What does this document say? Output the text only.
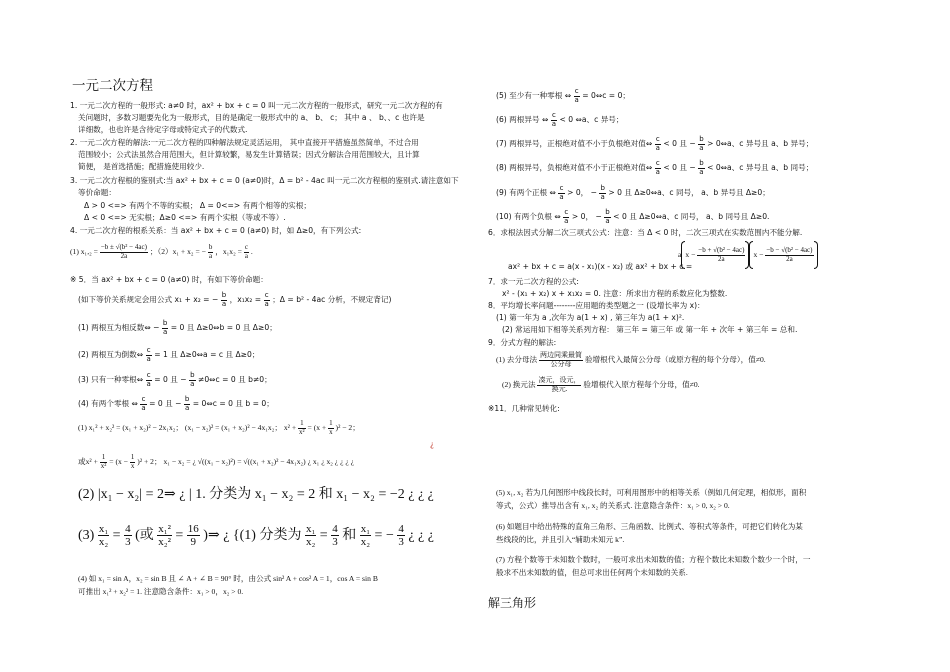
一元二次方程
1. 一元二次方程的一般形式: a≠0 时，ax² + bx + c = 0 叫一元二次方程的一般形式，研究一元二次方程的有
关问题时，多数习题要先化为一般形式，目的是确定一般形式中的 a、 b、 c； 其中 a 、 b、、c 也许是
详细数，也也许是含待定字母或特定式子的代数式.
2. 一元二次方程的解法:一元二次方程的四种解法规定灵活运用， 其中直接开平措施虽然简单，不过合用
范围较小；公式法虽然合用范围大，但计算较繁，易发生计算错误；因式分解法合用范围较大，且计算
简便， 是首选措施；配措施使用较少.
3. 一元二次方程根的鉴别式:当 ax² + bx + c = 0 (a≠0)时，Δ = b² - 4ac 叫一元二次方程根的鉴别式.请注意如下
等价命题：
Δ > 0 <=> 有两个不等的实根； Δ = 0<=> 有两个相等的实根；
Δ < 0 <=> 无实根；Δ≥0 <=> 有两个实根（等或不等）.
4. 一元二次方程的根系关系：当 ax² + bx + c = 0 (a≠0) 时，如 Δ≥0，有下列公式:
(1) $x_1,_2 = \frac{\text{−b ± √(b² − 4ac)}}{2a}$ ；（2）x₁ + x₂ = − $\frac{b}{a}$ ，$x_1x_2 = \frac{c}{a}$ .
※ 5．当 ax² + bx + c = 0 (a≠0) 时，有如下等价命题：
(如下等价关系规定会用公式 x₁ + x₂ = − $\frac{b}{a}$ ，$x_1x_2 = \frac{c}{a}$ ；Δ = b² - 4ac 分析，不规定背记)
(1) 两根互为相反数⇔ − $\frac{b}{a} = 0$ 且 Δ≥0⇔b = 0 且 Δ≥0；
(2) 两根互为倒数⇔ $\frac{c}{a} = 1$ 且 Δ≥0⇔a = c 且 Δ≥0；
(3) 只有一种零根⇔ $\frac{c}{a} = 0$ 且 − $\frac{b}{a}$ ≠0⇔c = 0 且 b≠0；
(4) 有两个零根 ⇔ $\frac{c}{a} = 0$ 且 − $\frac{b}{a}$ = 0⇔c = 0 且 b = 0；
(1) x₁² + x₂² = (x₁ + x₂)² − 2x₁x₂； (x₁ − x₂)² = (x₁ + x₂)² − 4x₁x₂； $x^2 + \frac{1}{\text{x²}} = (x + \frac{1}{x} )^2 - 2$；
¿
或$x^2 + \frac{1}{\text{x²}} = (x - \frac{1}{x} )^2 + 2$； x₁ − x₂ = ¿ √((x₁ − x₂)²) = √((x₁ + x₂)² − 4x₁x₂) ¿ x₁ ¿ x₂ ¿ ¿ ¿ ¿
(2) |x₁ − x₂| = 2⇒ ¿ | 1. 分类为 x₁ − x₂ = 2 和 x₁ − x₂ = −2 ¿ ¿ ¿
$(3) \frac{\text{x₁}}{\text{x₂}} = \frac{4}{3}$ (或 $\frac{\text{x₁²}}{\text{x₂²}} = \frac{16}{9}$ )⇒ ¿ {(1) 分类为 $\frac{\text{x₁}}{\text{x₂}} = \frac{4}{3}$ 和 $\frac{\text{x₁}}{\text{x₂}}$ = − $\frac{4}{3}$ ¿ ¿ ¿
(4) 如 x₁ = sin A，x₂ = sin B 且 ∠ A + ∠ B = 90° 时，由公式 sin² A + cos² A = 1，cos A = sin B
可推出 x₁² + x₂² = 1. 注意隐含条件：x₁ > 0，x₂ > 0.
(5) 至少有一种零根 ⇔ $\frac{c}{a}$ = 0⇔c = 0；
(6) 两根异号 ⇔ $\frac{c}{a} < 0$ ⇔a、c 异号；
(7) 两根异号，正根绝对值不小于负根绝对值⇔ $\frac{c}{a} < 0$ 且 − $\frac{b}{a}$ > 0⇔a、c 异号且 a、b 异号；
(8) 两根异号，负根绝对值不小于正根绝对值⇔ $\frac{c}{a} < 0$ 且 − $\frac{b}{a}$ < 0⇔a、c 异号且 a、b 同号；
(9) 有两个正根 ⇔ $\frac{c}{a} > 0$， − $\frac{b}{a} > 0$ 且 Δ≥0⇔a、c 同号， a、b 异号且 Δ≥0；
(10) 有两个负根 ⇔ $\frac{c}{a} > 0$， − $\frac{b}{a} < 0$ 且 Δ≥0⇔a、c 同号， a、b 同号且 Δ≥0.
6．求根法因式分解二次三项式公式：注意：当 Δ < 0 时，二次三项式在实数范围内不能分解.
a $x - \frac{\text{−b + √(b² − 4ac)}}{2a}$ $x - \frac{\text{−b − √(b² − 4ac)}}{2a}$
ax² + bx + c = a(x - x₁)(x - x₂) 或 ax² + bx + c =
7．求一元二次方程的公式:
x² - (x₁ + x₂) x + x₁x₂ = 0. 注意：所求出方程的系数应化为整数.
8．平均增长率问题--------应用题的类型题之一 (设增长率为 x)：
(1) 第一年为 a ,次年为 a(1 + x) , 第三年为 a(1 + x)².
(2) 常运用如下相等关系列方程： 第三年 = 第三年 或 第一年 + 次年 + 第三年 = 总和.
9．分式方程的解法:
(1) 去分母法 $\frac{\text{两边同乘最简}}{\text{公分母}}$ 验增根代入最简公分母（或原方程的每个分母），值≠0.
(2) 换元法 $\frac{\text{凑元，设元，}}{\text{换元.}}$ 验增根代入原方程每个分母，值≠0.
※11．几种常见转化:
(5) x₁, x₂ 若为几何图形中线段长时，可利用图形中的相等关系（例如几何定理，相似形，面积
等式，公式）推导出含有 x₁, x₂ 的关系式. 注意隐含条件：x₁ > 0, x₂ > 0.
(6) 如题目中给出特殊的直角三角形、三角函数、比例式、等积式等条件，可把它们转化为某
些线段的比，并且引入“辅助未知元 k”.
(7) 方程个数等于未知数个数时，一般可求出未知数的值；方程个数比未知数个数少一个时，一
般求不出未知数的值，但总可求出任何两个未知数的关系.
解三角形
